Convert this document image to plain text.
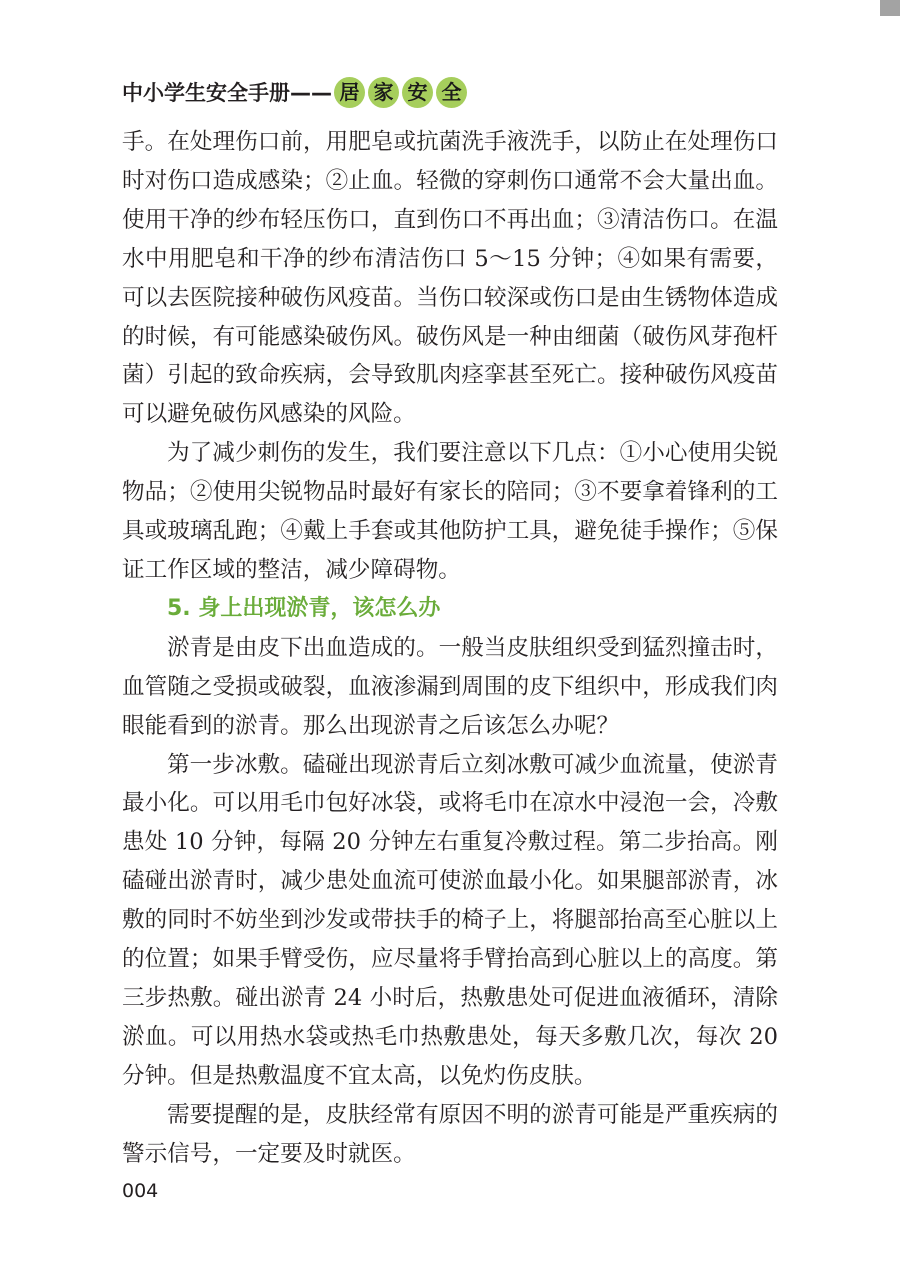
中小学生安全手册—— 居 家 安 全

手。在处理伤口前，用肥皂或抗菌洗手液洗手，以防止在处理伤口时对伤口造成感染；②止血。轻微的穿刺伤口通常不会大量出血。使用干净的纱布轻压伤口，直到伤口不再出血；③清洁伤口。在温水中用肥皂和干净的纱布清洁伤口 5～15 分钟；④如果有需要，可以去医院接种破伤风疫苗。当伤口较深或伤口是由生锈物体造成的时候，有可能感染破伤风。破伤风是一种由细菌（破伤风芽孢杆菌）引起的致命疾病，会导致肌肉痉挛甚至死亡。接种破伤风疫苗可以避免破伤风感染的风险。

为了减少刺伤的发生，我们要注意以下几点：①小心使用尖锐物品；②使用尖锐物品时最好有家长的陪同；③不要拿着锋利的工具或玻璃乱跑；④戴上手套或其他防护工具，避免徒手操作；⑤保证工作区域的整洁，减少障碍物。

5. 身上出现淤青，该怎么办

淤青是由皮下出血造成的。一般当皮肤组织受到猛烈撞击时，血管随之受损或破裂，血液渗漏到周围的皮下组织中，形成我们肉眼能看到的淤青。那么出现淤青之后该怎么办呢？

第一步冰敷。磕碰出现淤青后立刻冰敷可减少血流量，使淤青最小化。可以用毛巾包好冰袋，或将毛巾在凉水中浸泡一会，冷敷患处 10 分钟，每隔 20 分钟左右重复冷敷过程。第二步抬高。刚磕碰出淤青时，减少患处血流可使淤血最小化。如果腿部淤青，冰敷的同时不妨坐到沙发或带扶手的椅子上，将腿部抬高至心脏以上的位置；如果手臂受伤，应尽量将手臂抬高到心脏以上的高度。第三步热敷。碰出淤青 24 小时后，热敷患处可促进血液循环，清除淤血。可以用热水袋或热毛巾热敷患处，每天多敷几次，每次 20 分钟。但是热敷温度不宜太高，以免灼伤皮肤。

需要提醒的是，皮肤经常有原因不明的淤青可能是严重疾病的警示信号，一定要及时就医。

004
